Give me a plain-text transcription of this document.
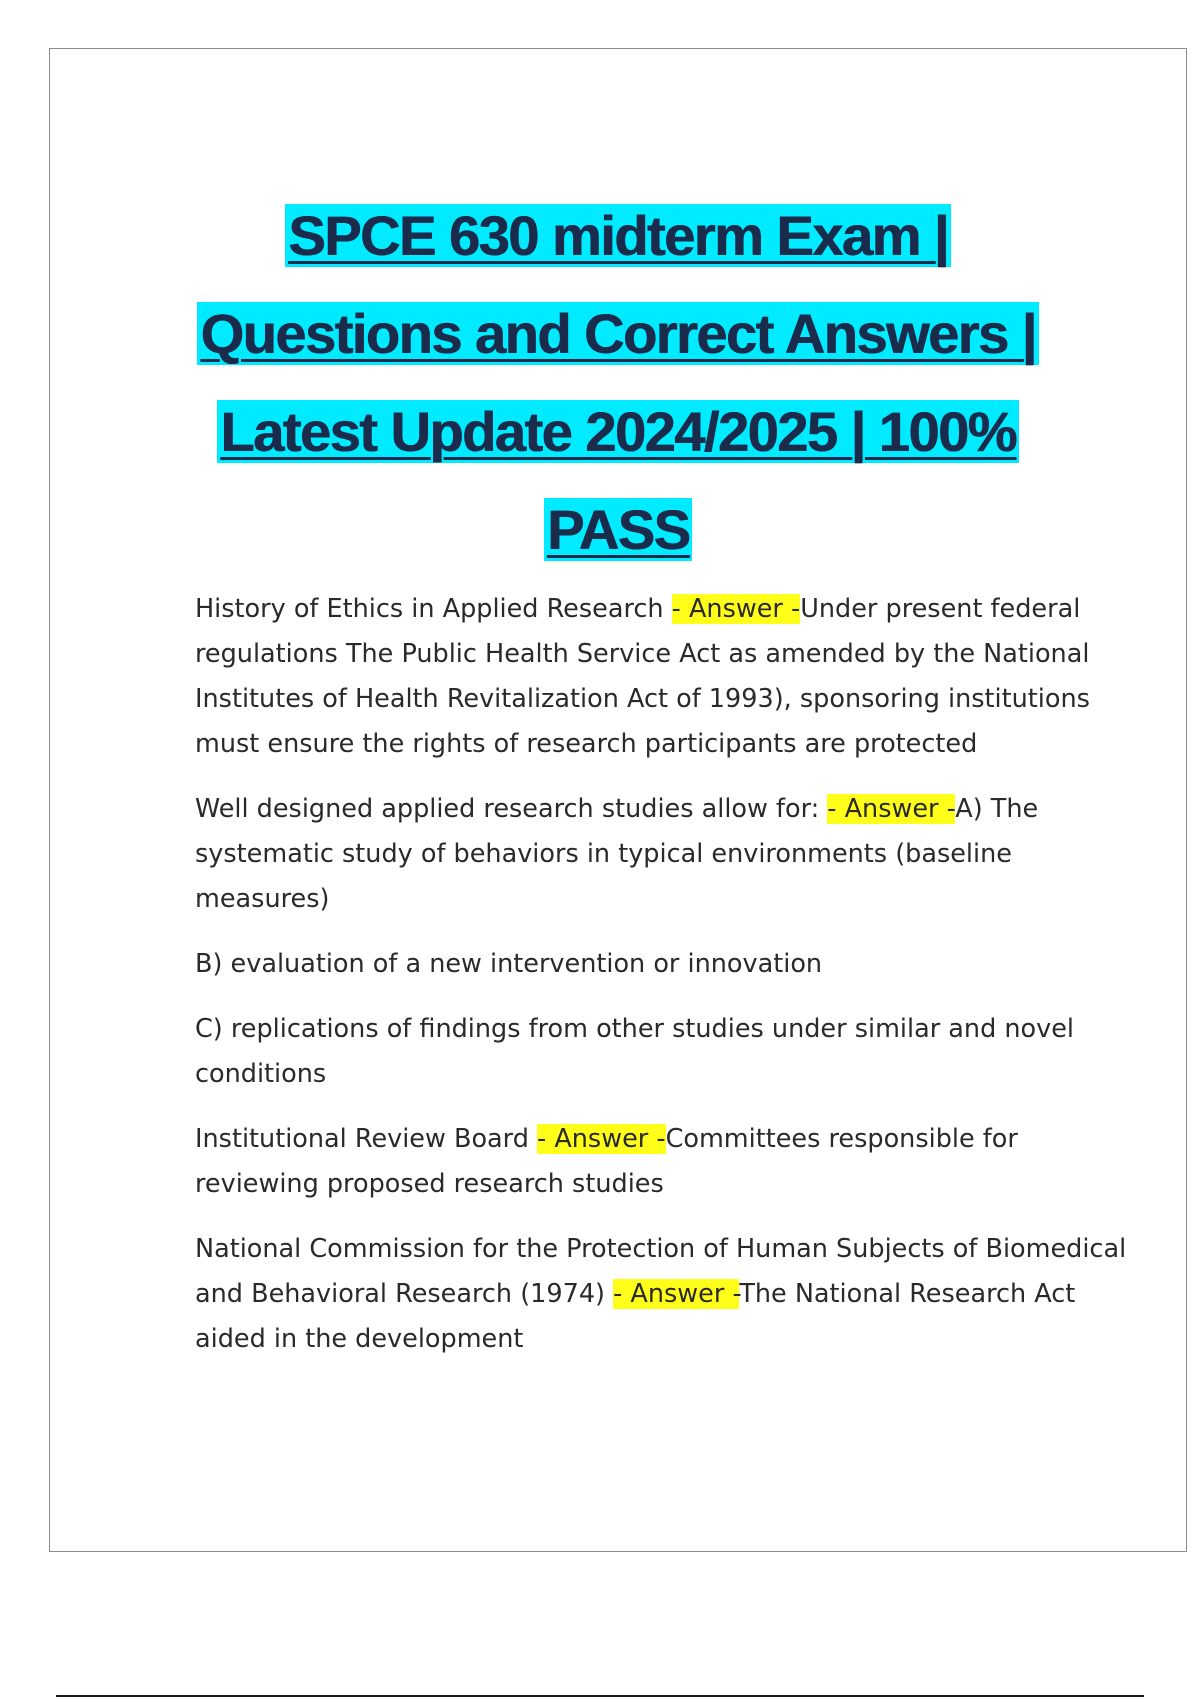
SPCE 630 midterm Exam |
Questions and Correct Answers |
Latest Update 2024/2025 | 100%
PASS

History of Ethics in Applied Research - Answer -Under present federal regulations The Public Health Service Act as amended by the National Institutes of Health Revitalization Act of 1993), sponsoring institutions must ensure the rights of research participants are protected

Well designed applied research studies allow for: - Answer -A) The systematic study of behaviors in typical environments (baseline measures)

B) evaluation of a new intervention or innovation

C) replications of findings from other studies under similar and novel conditions

Institutional Review Board - Answer -Committees responsible for reviewing proposed research studies

National Commission for the Protection of Human Subjects of Biomedical and Behavioral Research (1974) - Answer -The National Research Act aided in the development
